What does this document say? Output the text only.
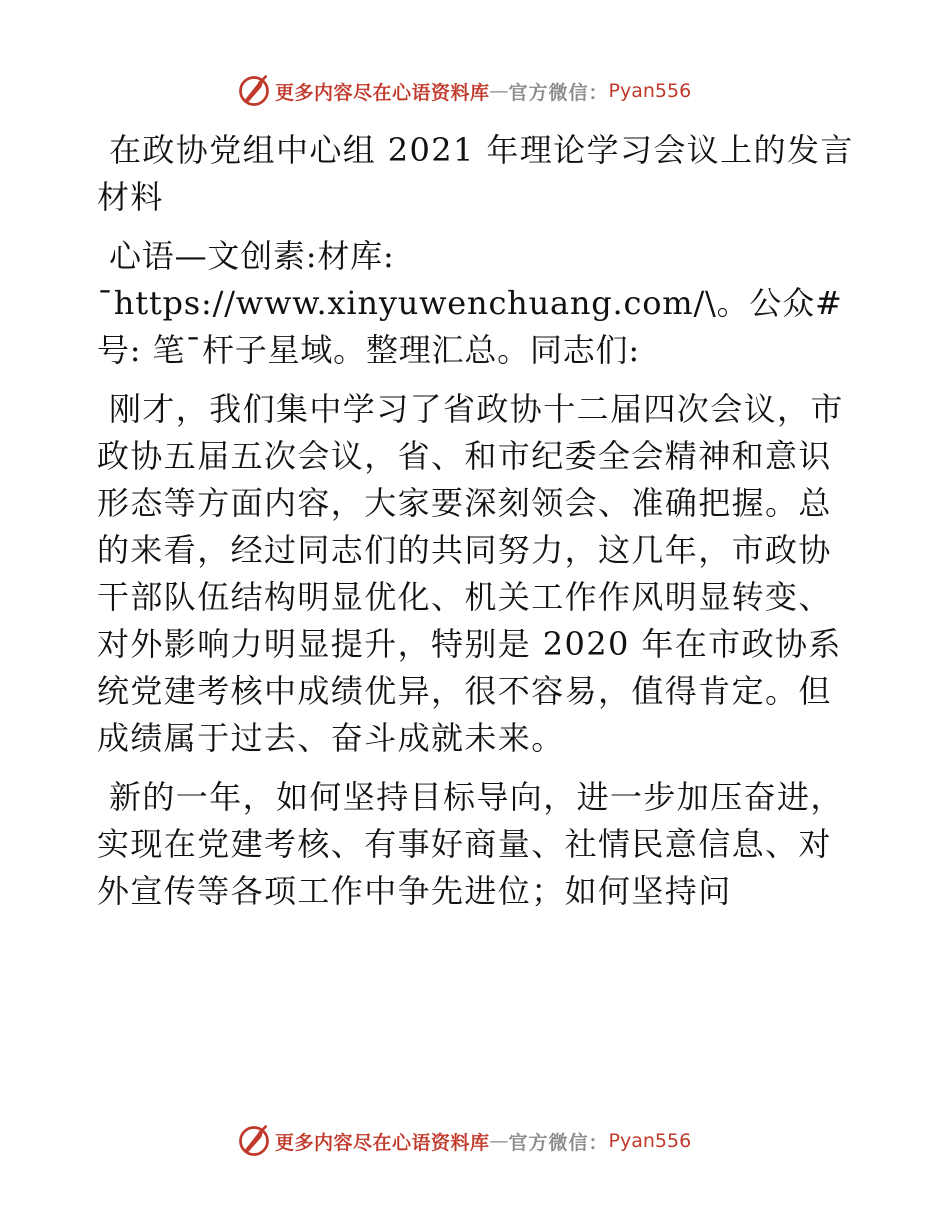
更多内容尽在心语资料库 — 官方微信： Pyan556

在政协党组中心组 2021 年理论学习会议上的发言材料

心语—文创素:材库: ¯https://www.xinyuwenchuang.com/\。公众#号: 笔¯杆子星域。整理汇总。同志们:

刚才，我们集中学习了省政协十二届四次会议，市政协五届五次会议，省、和市纪委全会精神和意识形态等方面内容，大家要深刻领会、准确把握。总的来看，经过同志们的共同努力，这几年，市政协干部队伍结构明显优化、机关工作作风明显转变、对外影响力明显提升，特别是 2020 年在市政协系统党建考核中成绩优异，很不容易，值得肯定。但成绩属于过去、奋斗成就未来。

新的一年，如何坚持目标导向，进一步加压奋进，实现在党建考核、有事好商量、社情民意信息、对外宣传等各项工作中争先进位；如何坚持问

更多内容尽在心语资料库 — 官方微信： Pyan556
